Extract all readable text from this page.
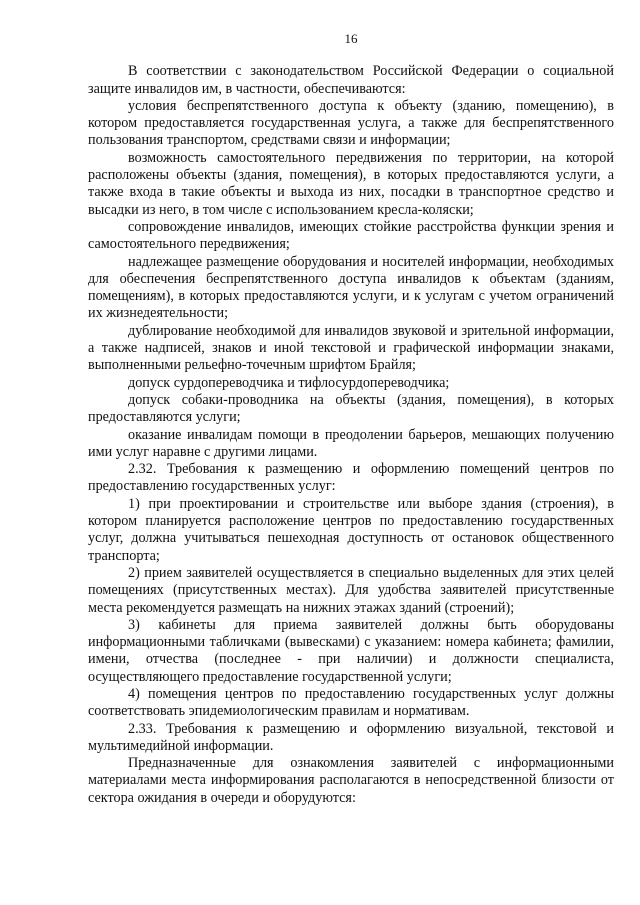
16

В соответствии с законодательством Российской Федерации о социальной защите инвалидов им, в частности, обеспечиваются:

условия беспрепятственного доступа к объекту (зданию, помещению), в котором предоставляется государственная услуга, а также для беспрепятственного пользования транспортом, средствами связи и информации;

возможность самостоятельного передвижения по территории, на которой расположены объекты (здания, помещения), в которых предоставляются услуги, а также входа в такие объекты и выхода из них, посадки в транспортное средство и высадки из него, в том числе с использованием кресла-коляски;

сопровождение инвалидов, имеющих стойкие расстройства функции зрения и самостоятельного передвижения;

надлежащее размещение оборудования и носителей информации, необходимых для обеспечения беспрепятственного доступа инвалидов к объектам (зданиям, помещениям), в которых предоставляются услуги, и к услугам с учетом ограничений их жизнедеятельности;

дублирование необходимой для инвалидов звуковой и зрительной информации, а также надписей, знаков и иной текстовой и графической информации знаками, выполненными рельефно-точечным шрифтом Брайля;

допуск сурдопереводчика и тифлосурдопереводчика;

допуск собаки-проводника на объекты (здания, помещения), в которых предоставляются услуги;

оказание инвалидам помощи в преодолении барьеров, мешающих получению ими услуг наравне с другими лицами.

2.32. Требования к размещению и оформлению помещений центров по предоставлению государственных услуг:

1) при проектировании и строительстве или выборе здания (строения), в котором планируется расположение центров по предоставлению государственных услуг, должна учитываться пешеходная доступность от остановок общественного транспорта;

2) прием заявителей осуществляется в специально выделенных для этих целей помещениях (присутственных местах). Для удобства заявителей присутственные места рекомендуется размещать на нижних этажах зданий (строений);

3) кабинеты для приема заявителей должны быть оборудованы информационными табличками (вывесками) с указанием: номера кабинета; фамилии, имени, отчества (последнее - при наличии) и должности специалиста, осуществляющего предоставление государственной услуги;

4) помещения центров по предоставлению государственных услуг должны соответствовать эпидемиологическим правилам и нормативам.

2.33. Требования к размещению и оформлению визуальной, текстовой и мультимедийной информации.

Предназначенные для ознакомления заявителей с информационными материалами места информирования располагаются в непосредственной близости от сектора ожидания в очереди и оборудуются:
